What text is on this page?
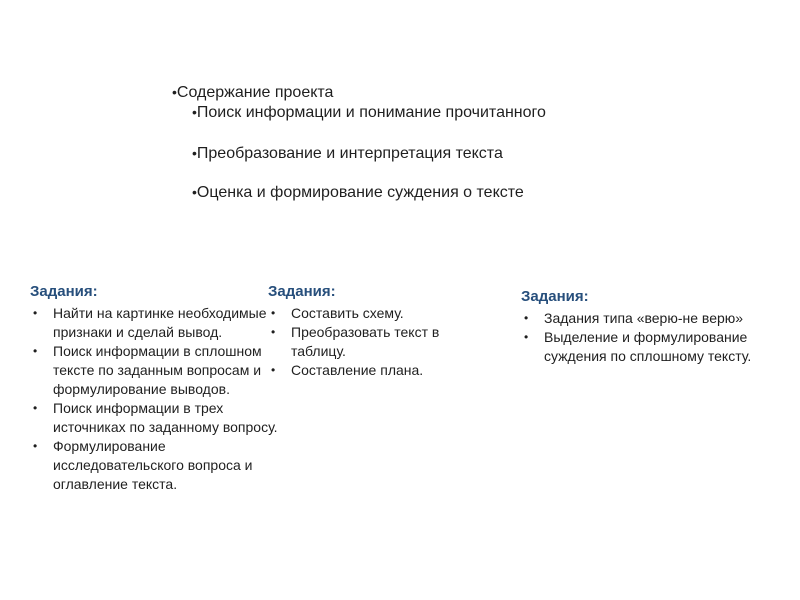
•Содержание проекта
•Поиск информации и понимание прочитанного
•Преобразование и интерпретация текста
•Оценка и формирование суждения о тексте
Задания:
• Найти на картинке необходимые признаки и сделай вывод.
• Поиск информации в сплошном тексте по заданным вопросам и формулирование выводов.
• Поиск информации в трех источниках по заданному вопросу.
• Формулирование исследовательского вопроса и оглавление текста.
Задания:
• Составить схему.
• Преобразовать текст в таблицу.
• Составление плана.
Задания:
• Задания типа «верю-не верю»
• Выделение и формулирование суждения по сплошному тексту.
